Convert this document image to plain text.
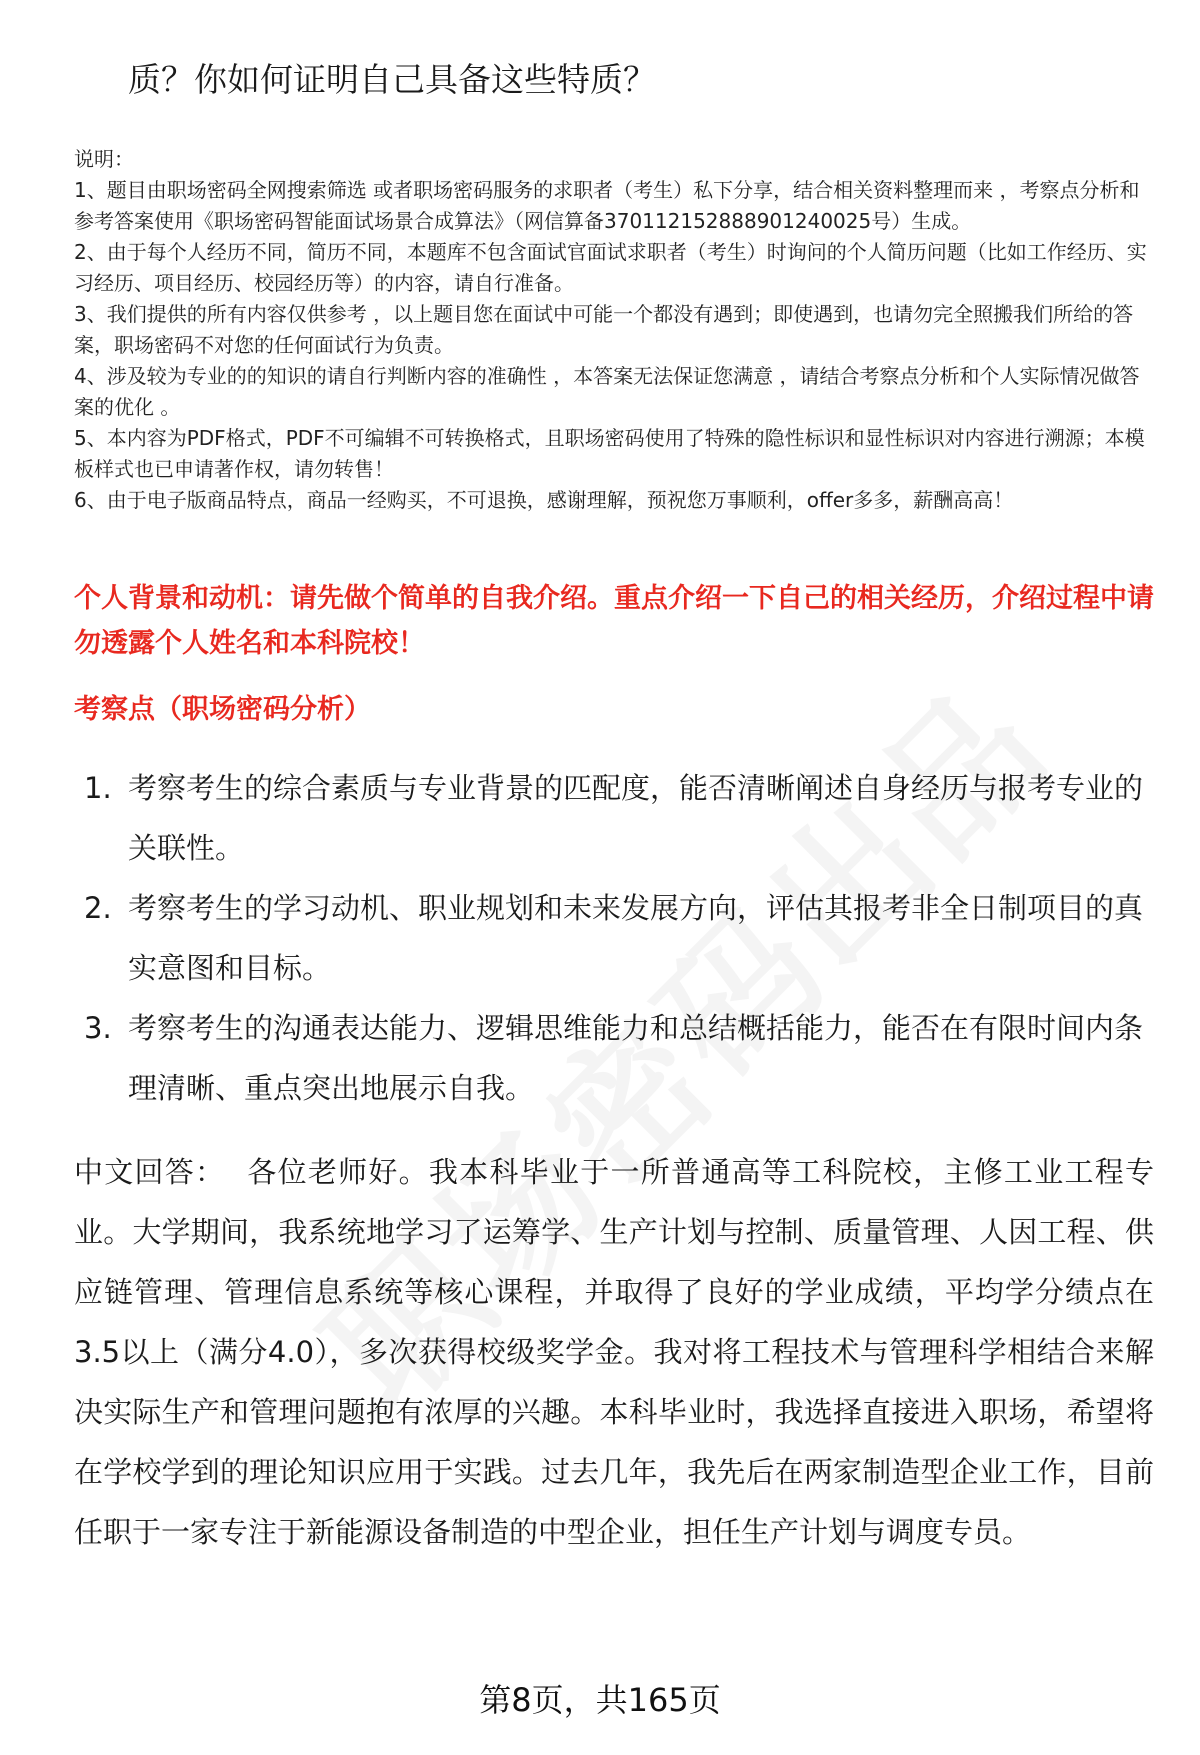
质？你如何证明自己具备这些特质？

说明：

1、题目由职场密码全网搜索筛选 或者职场密码服务的求职者（考生）私下分享，结合相关资料整理而来 ，考察点分析和参考答案使用《职场密码智能面试场景合成算法》（网信算备370112152888901240025号）生成。

2、由于每个人经历不同，简历不同，本题库不包含面试官面试求职者（考生）时询问的个人简历问题（比如工作经历、实习经历、项目经历、校园经历等）的内容，请自行准备。

3、我们提供的所有内容仅供参考 ，以上题目您在面试中可能一个都没有遇到；即使遇到，也请勿完全照搬我们所给的答案，职场密码不对您的任何面试行为负责。

4、涉及较为专业的的知识的请自行判断内容的准确性 ，本答案无法保证您满意 ，请结合考察点分析和个人实际情况做答案的优化 。

5、本内容为PDF格式，PDF不可编辑不可转换格式，且职场密码使用了特殊的隐性标识和显性标识对内容进行溯源；本模板样式也已申请著作权，请勿转售！

6、由于电子版商品特点，商品一经购买，不可退换，感谢理解，预祝您万事顺利，offer多多，薪酬高高！

个人背景和动机：请先做个简单的自我介绍。重点介绍一下自己的相关经历，介绍过程中请勿透露个人姓名和本科院校！
考察点（职场密码分析）
1. 考察考生的综合素质与专业背景的匹配度，能否清晰阐述自身经历与报考专业的关联性。
2. 考察考生的学习动机、职业规划和未来发展方向，评估其报考非全日制项目的真实意图和目标。
3. 考察考生的沟通表达能力、逻辑思维能力和总结概括能力，能否在有限时间内条理清晰、重点突出地展示自我。
中文回答： 各位老师好。我本科毕业于一所普通高等工科院校，主修工业工程专业。大学期间，我系统地学习了运筹学、生产计划与控制、质量管理、人因工程、供应链管理、管理信息系统等核心课程，并取得了良好的学业成绩，平均学分绩点在3.5以上（满分4.0），多次获得校级奖学金。我对将工程技术与管理科学相结合来解决实际生产和管理问题抱有浓厚的兴趣。本科毕业时，我选择直接进入职场，希望将在学校学到的理论知识应用于实践。过去几年，我先后在两家制造型企业工作，目前任职于一家专注于新能源设备制造的中型企业，担任生产计划与调度专员。
第8页，共165页
